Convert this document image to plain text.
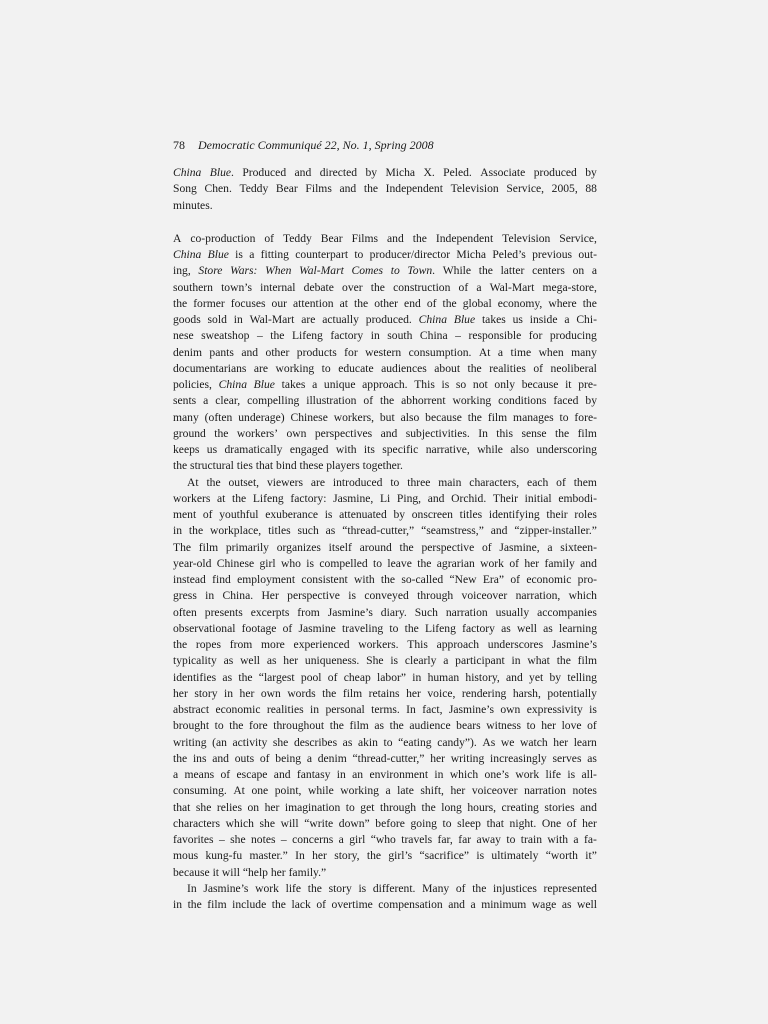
78 Democratic Communiqué 22, No. 1, Spring 2008
China Blue. Produced and directed by Micha X. Peled. Associate produced by
Song Chen. Teddy Bear Films and the Independent Television Service, 2005, 88
minutes.
A co-production of Teddy Bear Films and the Independent Television Service,
China Blue is a fitting counterpart to producer/director Micha Peled’s previous out-
ing, Store Wars: When Wal-Mart Comes to Town. While the latter centers on a
southern town’s internal debate over the construction of a Wal-Mart mega-store,
the former focuses our attention at the other end of the global economy, where the
goods sold in Wal-Mart are actually produced. China Blue takes us inside a Chi-
nese sweatshop – the Lifeng factory in south China – responsible for producing
denim pants and other products for western consumption. At a time when many
documentarians are working to educate audiences about the realities of neoliberal
policies, China Blue takes a unique approach. This is so not only because it pre-
sents a clear, compelling illustration of the abhorrent working conditions faced by
many (often underage) Chinese workers, but also because the film manages to fore-
ground the workers’ own perspectives and subjectivities. In this sense the film
keeps us dramatically engaged with its specific narrative, while also underscoring
the structural ties that bind these players together.
At the outset, viewers are introduced to three main characters, each of them
workers at the Lifeng factory: Jasmine, Li Ping, and Orchid. Their initial embodi-
ment of youthful exuberance is attenuated by onscreen titles identifying their roles
in the workplace, titles such as “thread-cutter,” “seamstress,” and “zipper-installer.”
The film primarily organizes itself around the perspective of Jasmine, a sixteen-
year-old Chinese girl who is compelled to leave the agrarian work of her family and
instead find employment consistent with the so-called “New Era” of economic pro-
gress in China. Her perspective is conveyed through voiceover narration, which
often presents excerpts from Jasmine’s diary. Such narration usually accompanies
observational footage of Jasmine traveling to the Lifeng factory as well as learning
the ropes from more experienced workers. This approach underscores Jasmine’s
typicality as well as her uniqueness. She is clearly a participant in what the film
identifies as the “largest pool of cheap labor” in human history, and yet by telling
her story in her own words the film retains her voice, rendering harsh, potentially
abstract economic realities in personal terms. In fact, Jasmine’s own expressivity is
brought to the fore throughout the film as the audience bears witness to her love of
writing (an activity she describes as akin to “eating candy”). As we watch her learn
the ins and outs of being a denim “thread-cutter,” her writing increasingly serves as
a means of escape and fantasy in an environment in which one’s work life is all-
consuming. At one point, while working a late shift, her voiceover narration notes
that she relies on her imagination to get through the long hours, creating stories and
characters which she will “write down” before going to sleep that night. One of her
favorites – she notes – concerns a girl “who travels far, far away to train with a fa-
mous kung-fu master.” In her story, the girl’s “sacrifice” is ultimately “worth it”
because it will “help her family.”
In Jasmine’s work life the story is different. Many of the injustices represented
in the film include the lack of overtime compensation and a minimum wage as well
